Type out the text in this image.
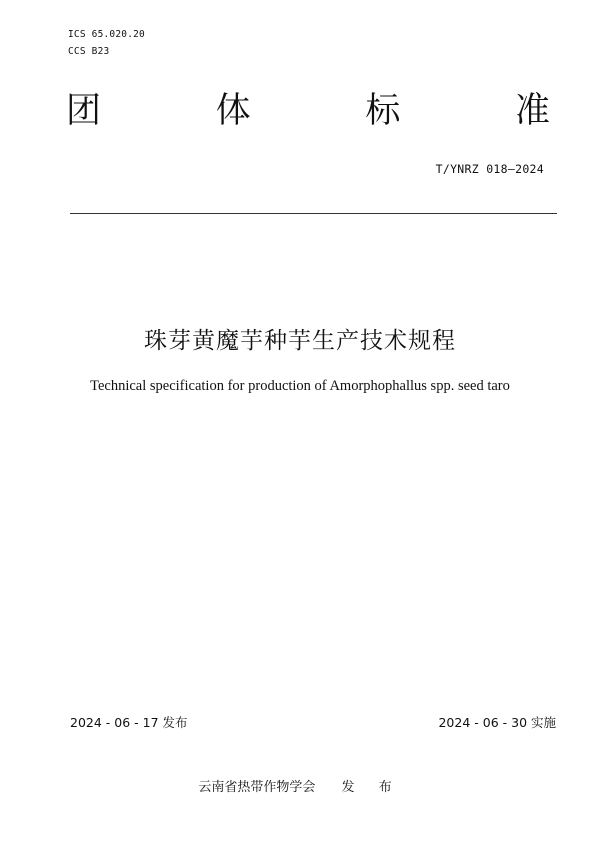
ICS 65.020.20
CCS B23
团	体	标	准
T/YNRZ 018—2024
珠芽黄魔芋种芋生产技术规程
Technical specification for production of Amorphophallus spp. seed taro
2024 - 06 - 17 发布	2024 - 06 - 30 实施
云南省热带作物学会 发 布
